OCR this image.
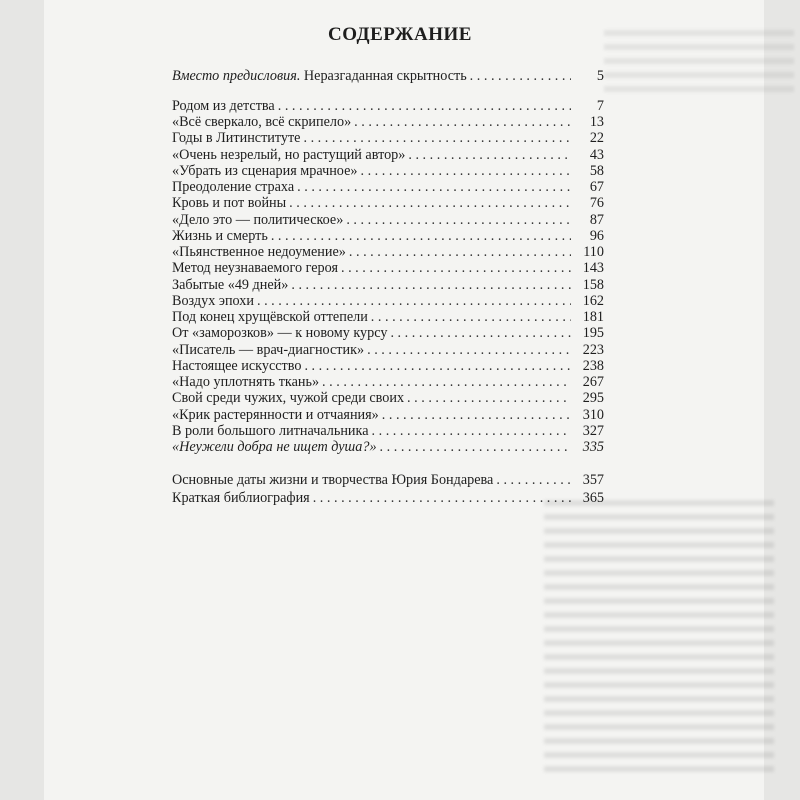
СОДЕРЖАНИЕ
Вместо предисловия. Неразгаданная скрытность . . .	5
Родом из детства . . .	7
«Всё сверкало, всё скрипело» . . .	13
Годы в Литинституте . . .	22
«Очень незрелый, но растущий автор» . . .	43
«Убрать из сценария мрачное» . . .	58
Преодоление страха . . .	67
Кровь и пот войны . . .	76
«Дело это — политическое» . . .	87
Жизнь и смерть . . .	96
«Пьянственное недоумение» . . .	110
Метод неузнаваемого героя . . .	143
Забытые «49 дней» . . .	158
Воздух эпохи . . .	162
Под конец хрущёвской оттепели . . .	181
От «заморозков» — к новому курсу . . .	195
«Писатель — врач-диагностик» . . .	223
Настоящее искусство . . .	238
«Надо уплотнять ткань» . . .	267
Свой среди чужих, чужой среди своих . . .	295
«Крик растерянности и отчаяния» . . .	310
В роли большого литначальника . . .	327
«Неужели добра не ищет душа?» . . .	335
Основные даты жизни и творчества Юрия Бондарева . . .	357
Краткая библиография . . .	365
